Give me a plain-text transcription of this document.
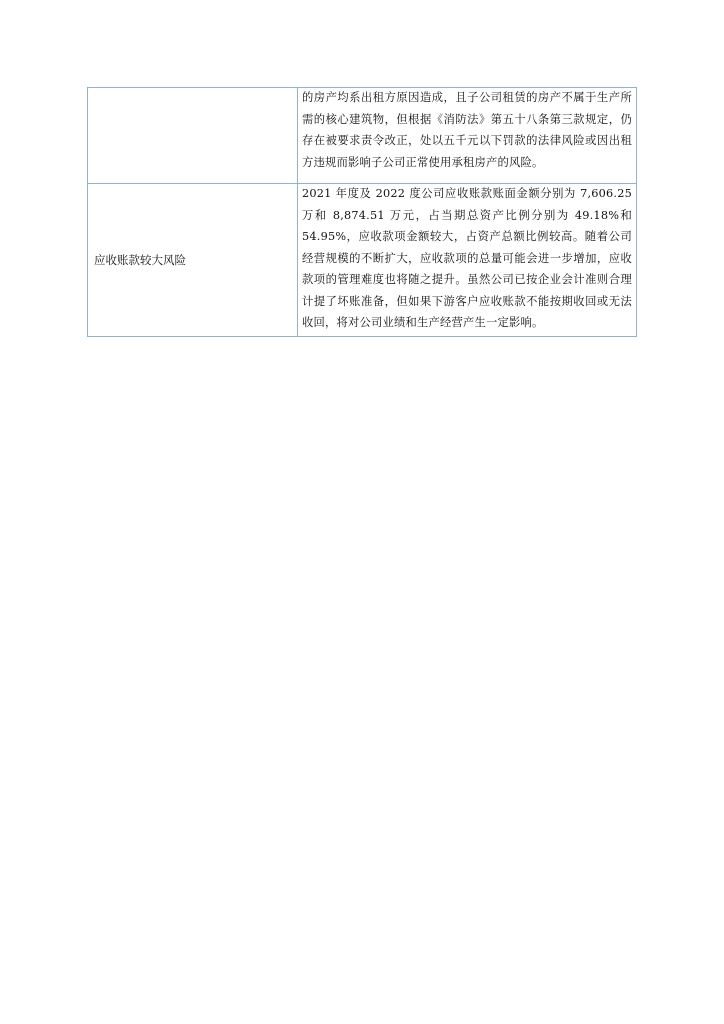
	的房产均系出租方原因造成，且子公司租赁的房产不属于生产所需的核心建筑物，但根据《消防法》第五十八条第三款规定，仍存在被要求责令改正，处以五千元以下罚款的法律风险或因出租方违规而影响子公司正常使用承租房产的风险。

应收账款较大风险	2021 年度及 2022 度公司应收账款账面金额分别为 7,606.25 万和 8,874.51 万元，占当期总资产比例分别为 49.18%和 54.95%，应收款项金额较大，占资产总额比例较高。随着公司经营规模的不断扩大，应收款项的总量可能会进一步增加，应收款项的管理难度也将随之提升。虽然公司已按企业会计准则合理计提了坏账准备，但如果下游客户应收账款不能按期收回或无法收回，将对公司业绩和生产经营产生一定影响。
